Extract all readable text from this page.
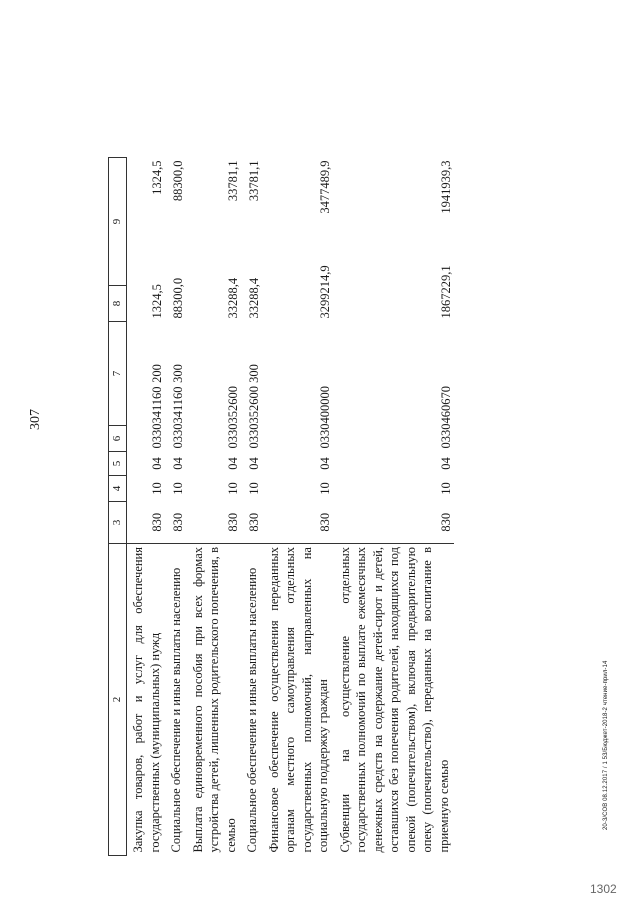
307
2	3	4	5	6	7	8	9
Закупка товаров, работ и услуг для обеспечения государственных (муниципальных) нужд	830	10	04	0330341160	200	1324,5	1324,5
Социальное обеспечение и иные выплаты населению	830	10	04	0330341160	300	88300,0	88300,0
Выплата единовременного пособия при всех формах устройства детей, лишенных родительского попечения, в семью	830	10	04	0330352600		33288,4	33781,1
Социальное обеспечение и иные выплаты населению	830	10	04	0330352600	300	33288,4	33781,1
Финансовое обеспечение осуществления переданных органам местного самоуправления отдельных государственных полномочий, направленных на социальную поддержку граждан	830	10	04	0330400000		3299214,9	3477489,9
Субвенции на осуществление отдельных государственных полномочий по выплате ежемесячных денежных средств на содержание детей-сирот и детей, оставшихся без попечения родителей, находящихся под опекой (попечительством), включая предварительную опеку (попечительство), переданных на воспитание в приемную семью	830	10	04	0330460670		1867229,1	1941939,3
20-3/СОВ 08.12.2017 / 1 53/Бюджет-2018-2 чтение-прил-14
1302
